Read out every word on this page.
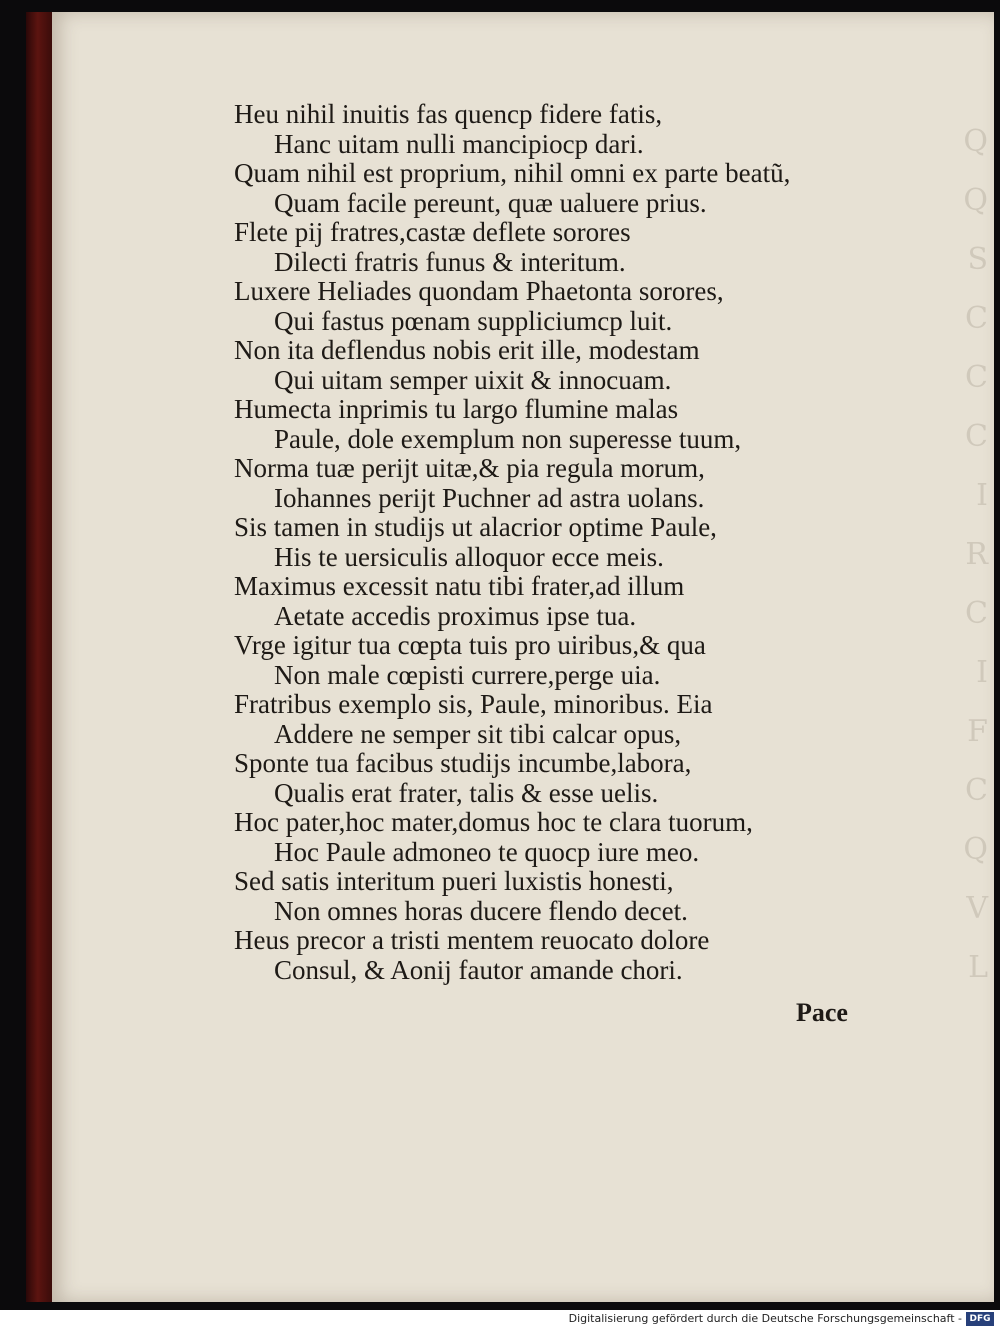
Q
Q
S
C
C
C
I
R
C
I
F
C
Q
V
L
Heu nihil inuitis fas quencp fidere fatis,
Hanc uitam nulli mancipiocp dari.
Quam nihil est proprium, nihil omni ex parte beatũ,
Quam facile pereunt, quæ ualuere prius.
Flete pij fratres,castæ deflete sorores
Dilecti fratris funus & interitum.
Luxere Heliades quondam Phaetonta sorores,
Qui fastus pœnam suppliciumcp luit.
Non ita deflendus nobis erit ille, modestam
Qui uitam semper uixit & innocuam.
Humecta inprimis tu largo flumine malas
Paule, dole exemplum non superesse tuum,
Norma tuæ perijt uitæ,& pia regula morum,
Iohannes perijt Puchner ad astra uolans.
Sis tamen in studijs ut alacrior optime Paule,
His te uersiculis alloquor ecce meis.
Maximus excessit natu tibi frater,ad illum
Aetate accedis proximus ipse tua.
Vrge igitur tua cœpta tuis pro uiribus,& qua
Non male cœpisti currere,perge uia.
Fratribus exemplo sis, Paule, minoribus. Eia
Addere ne semper sit tibi calcar opus,
Sponte tua facibus studijs incumbe,labora,
Qualis erat frater, talis & esse uelis.
Hoc pater,hoc mater,domus hoc te clara tuorum,
Hoc Paule admoneo te quocp iure meo.
Sed satis interitum pueri luxistis honesti,
Non omnes horas ducere flendo decet.
Heus precor a tristi mentem reuocato dolore
Consul, & Aonij fautor amande chori.
Pace
Digitalisierung gefördert durch die Deutsche Forschungsgemeinschaft - DFG
